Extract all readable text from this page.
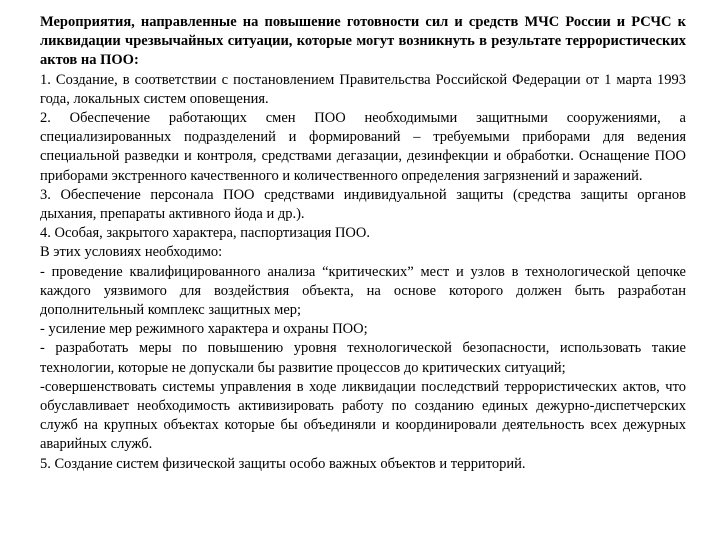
Мероприятия, направленные на повышение готовности сил и средств МЧС России и РСЧС к ликвидации чрезвычайных ситуации, которые могут возникнуть в результате террористических актов на ПОО:

1. Создание, в соответствии с постановлением Правительства Российской Федерации от 1 марта 1993 года, локальных систем оповещения.

2. Обеспечение работающих смен ПОО необходимыми защитными сооружениями, а специализированных подразделений и формирований – требуемыми приборами для ведения специальной разведки и контроля, средствами дегазации, дезинфекции и обработки. Оснащение ПОО приборами экстренного качественного и количественного определения загрязнений и заражений.

3. Обеспечение персонала ПОО средствами индивидуальной защиты (средства защиты органов дыхания, препараты активного йода и др.).

4. Особая, закрытого характера, паспортизация ПОО.

В этих условиях необходимо:

- проведение квалифицированного анализа “критических” мест и узлов в технологической цепочке каждого уязвимого для воздействия объекта, на основе которого должен быть разработан дополнительный комплекс защитных мер;

- усиление мер режимного характера и охраны ПОО;

- разработать меры по повышению уровня технологической безопасности, использовать такие технологии, которые не допускали бы развитие процессов до критических ситуаций;

-совершенствовать системы управления в ходе ликвидации последствий террористических актов, что обуславливает необходимость активизировать работу по созданию единых дежурно-диспетчерских служб на крупных объектах которые бы объединяли и координировали деятельность всех дежурных аварийных служб.

5. Создание систем физической защиты особо важных объектов и территорий.
